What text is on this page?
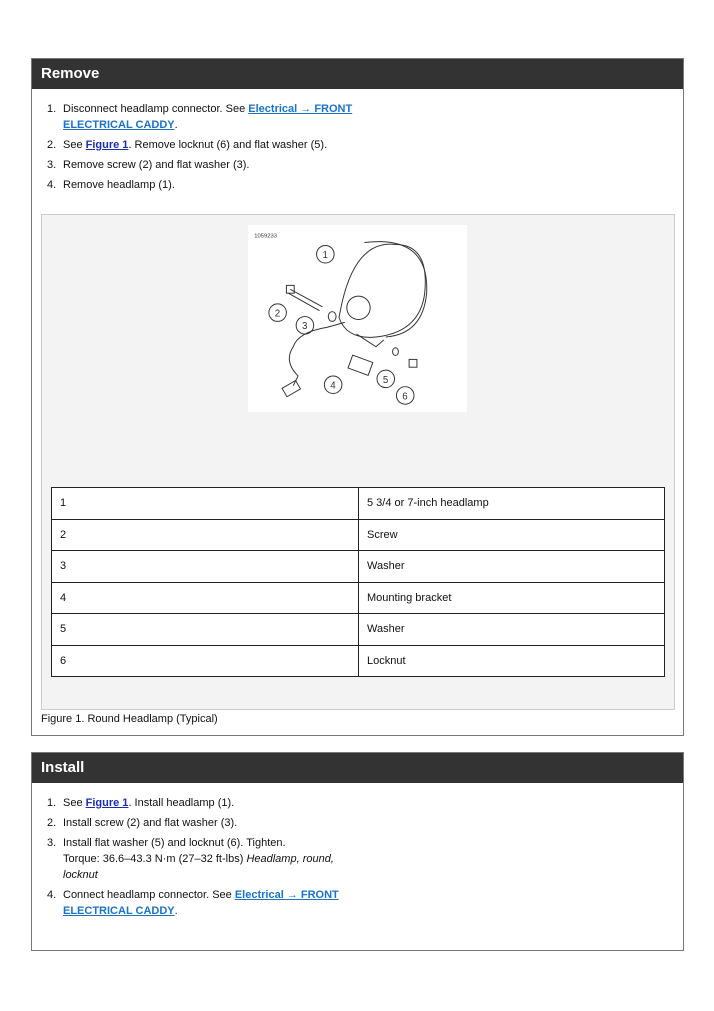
Remove
1. Disconnect headlamp connector. See Electrical → FRONT ELECTRICAL CADDY.
2. See Figure 1. Remove locknut (6) and flat washer (5).
3. Remove screw (2) and flat washer (3).
4. Remove headlamp (1).
1059233
1
2
3
4
5
6
1	5 3/4 or 7-inch headlamp
2	Screw
3	Washer
4	Mounting bracket
5	Washer
6	Locknut
Figure 1. Round Headlamp (Typical)
Install
1. See Figure 1. Install headlamp (1).
2. Install screw (2) and flat washer (3).
3. Install flat washer (5) and locknut (6). Tighten.
Torque: 36.6–43.3 N·m (27–32 ft-lbs) Headlamp, round, locknut
4. Connect headlamp connector. See Electrical → FRONT ELECTRICAL CADDY.
